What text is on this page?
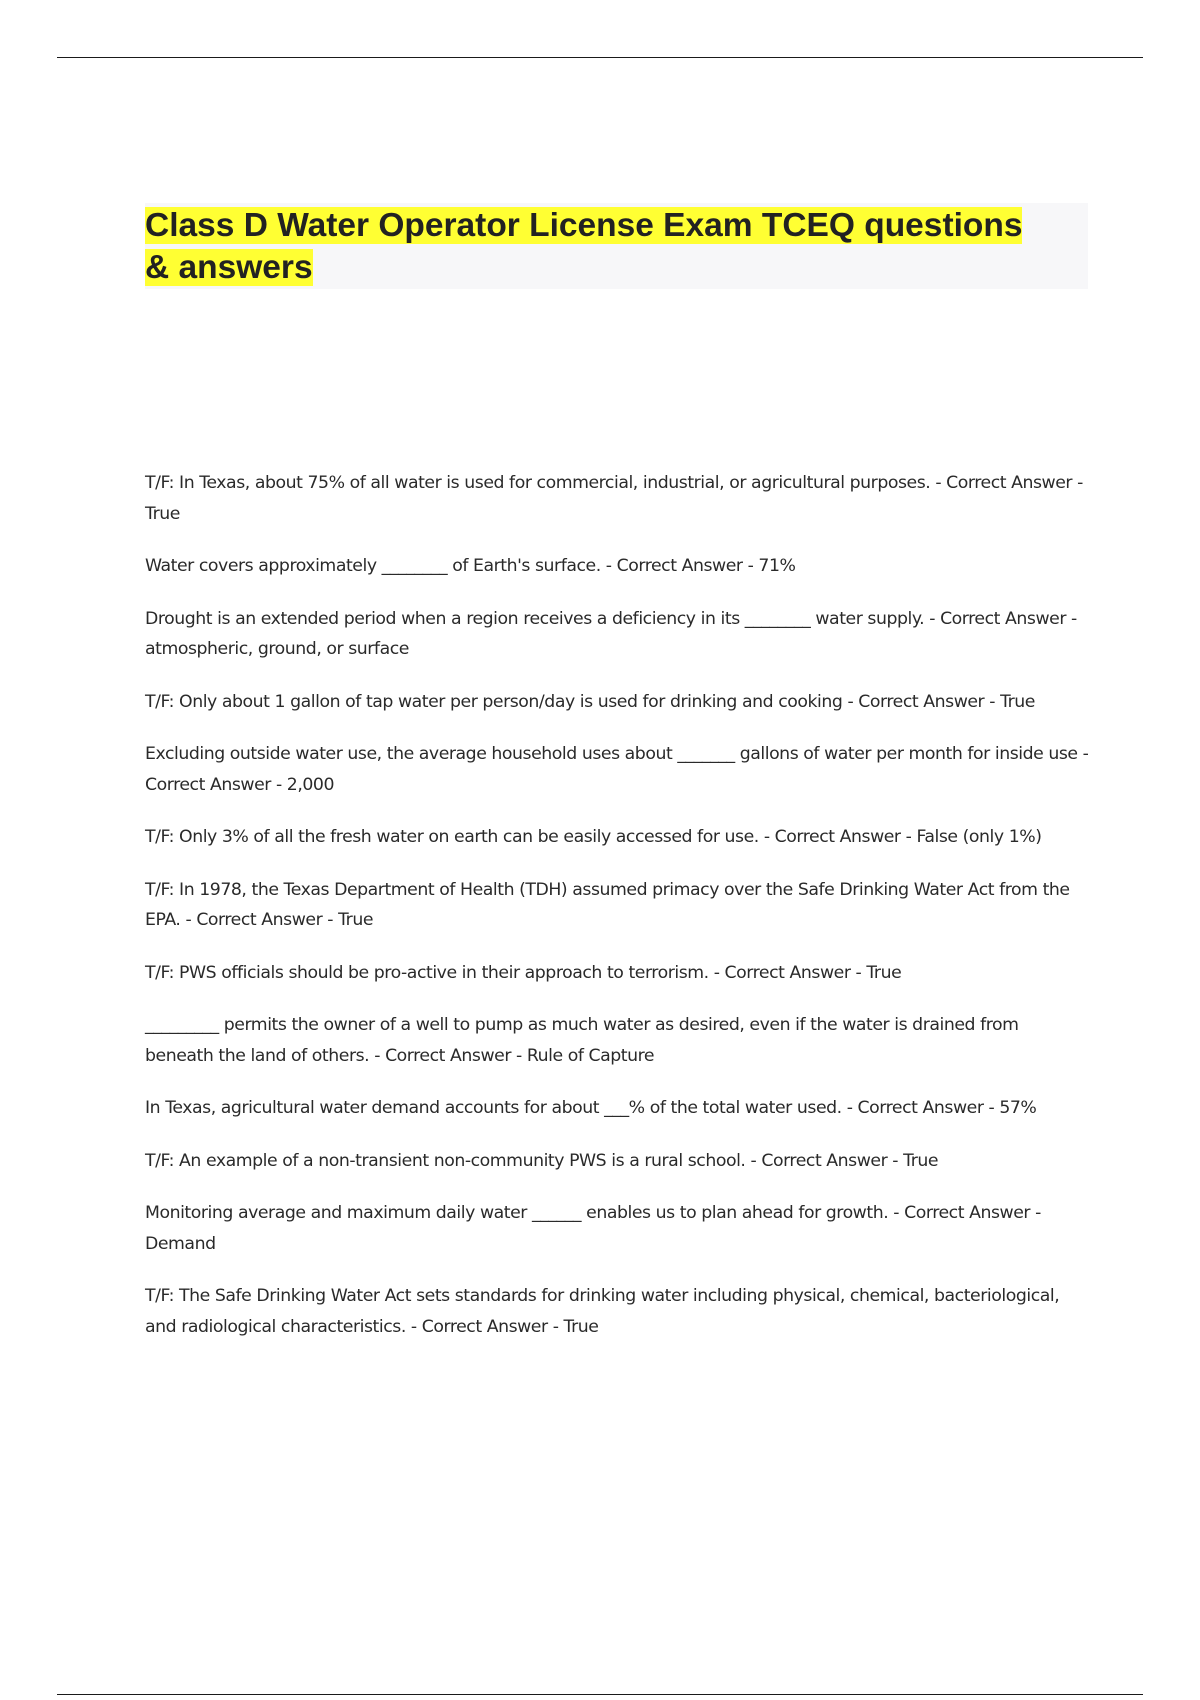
Class D Water Operator License Exam TCEQ questions & answers
T/F: In Texas, about 75% of all water is used for commercial, industrial, or agricultural purposes. - Correct Answer - True
Water covers approximately ________ of Earth's surface. - Correct Answer - 71%
Drought is an extended period when a region receives a deficiency in its ________ water supply. - Correct Answer - atmospheric, ground, or surface
T/F: Only about 1 gallon of tap water per person/day is used for drinking and cooking - Correct Answer - True
Excluding outside water use, the average household uses about _______ gallons of water per month for inside use - Correct Answer - 2,000
T/F: Only 3% of all the fresh water on earth can be easily accessed for use. - Correct Answer - False (only 1%)
T/F: In 1978, the Texas Department of Health (TDH) assumed primacy over the Safe Drinking Water Act from the EPA. - Correct Answer - True
T/F: PWS officials should be pro-active in their approach to terrorism. - Correct Answer - True
_________ permits the owner of a well to pump as much water as desired, even if the water is drained from beneath the land of others. - Correct Answer - Rule of Capture
In Texas, agricultural water demand accounts for about ___% of the total water used. - Correct Answer - 57%
T/F: An example of a non-transient non-community PWS is a rural school. - Correct Answer - True
Monitoring average and maximum daily water ______ enables us to plan ahead for growth. - Correct Answer - Demand
T/F: The Safe Drinking Water Act sets standards for drinking water including physical, chemical, bacteriological, and radiological characteristics. - Correct Answer - True
